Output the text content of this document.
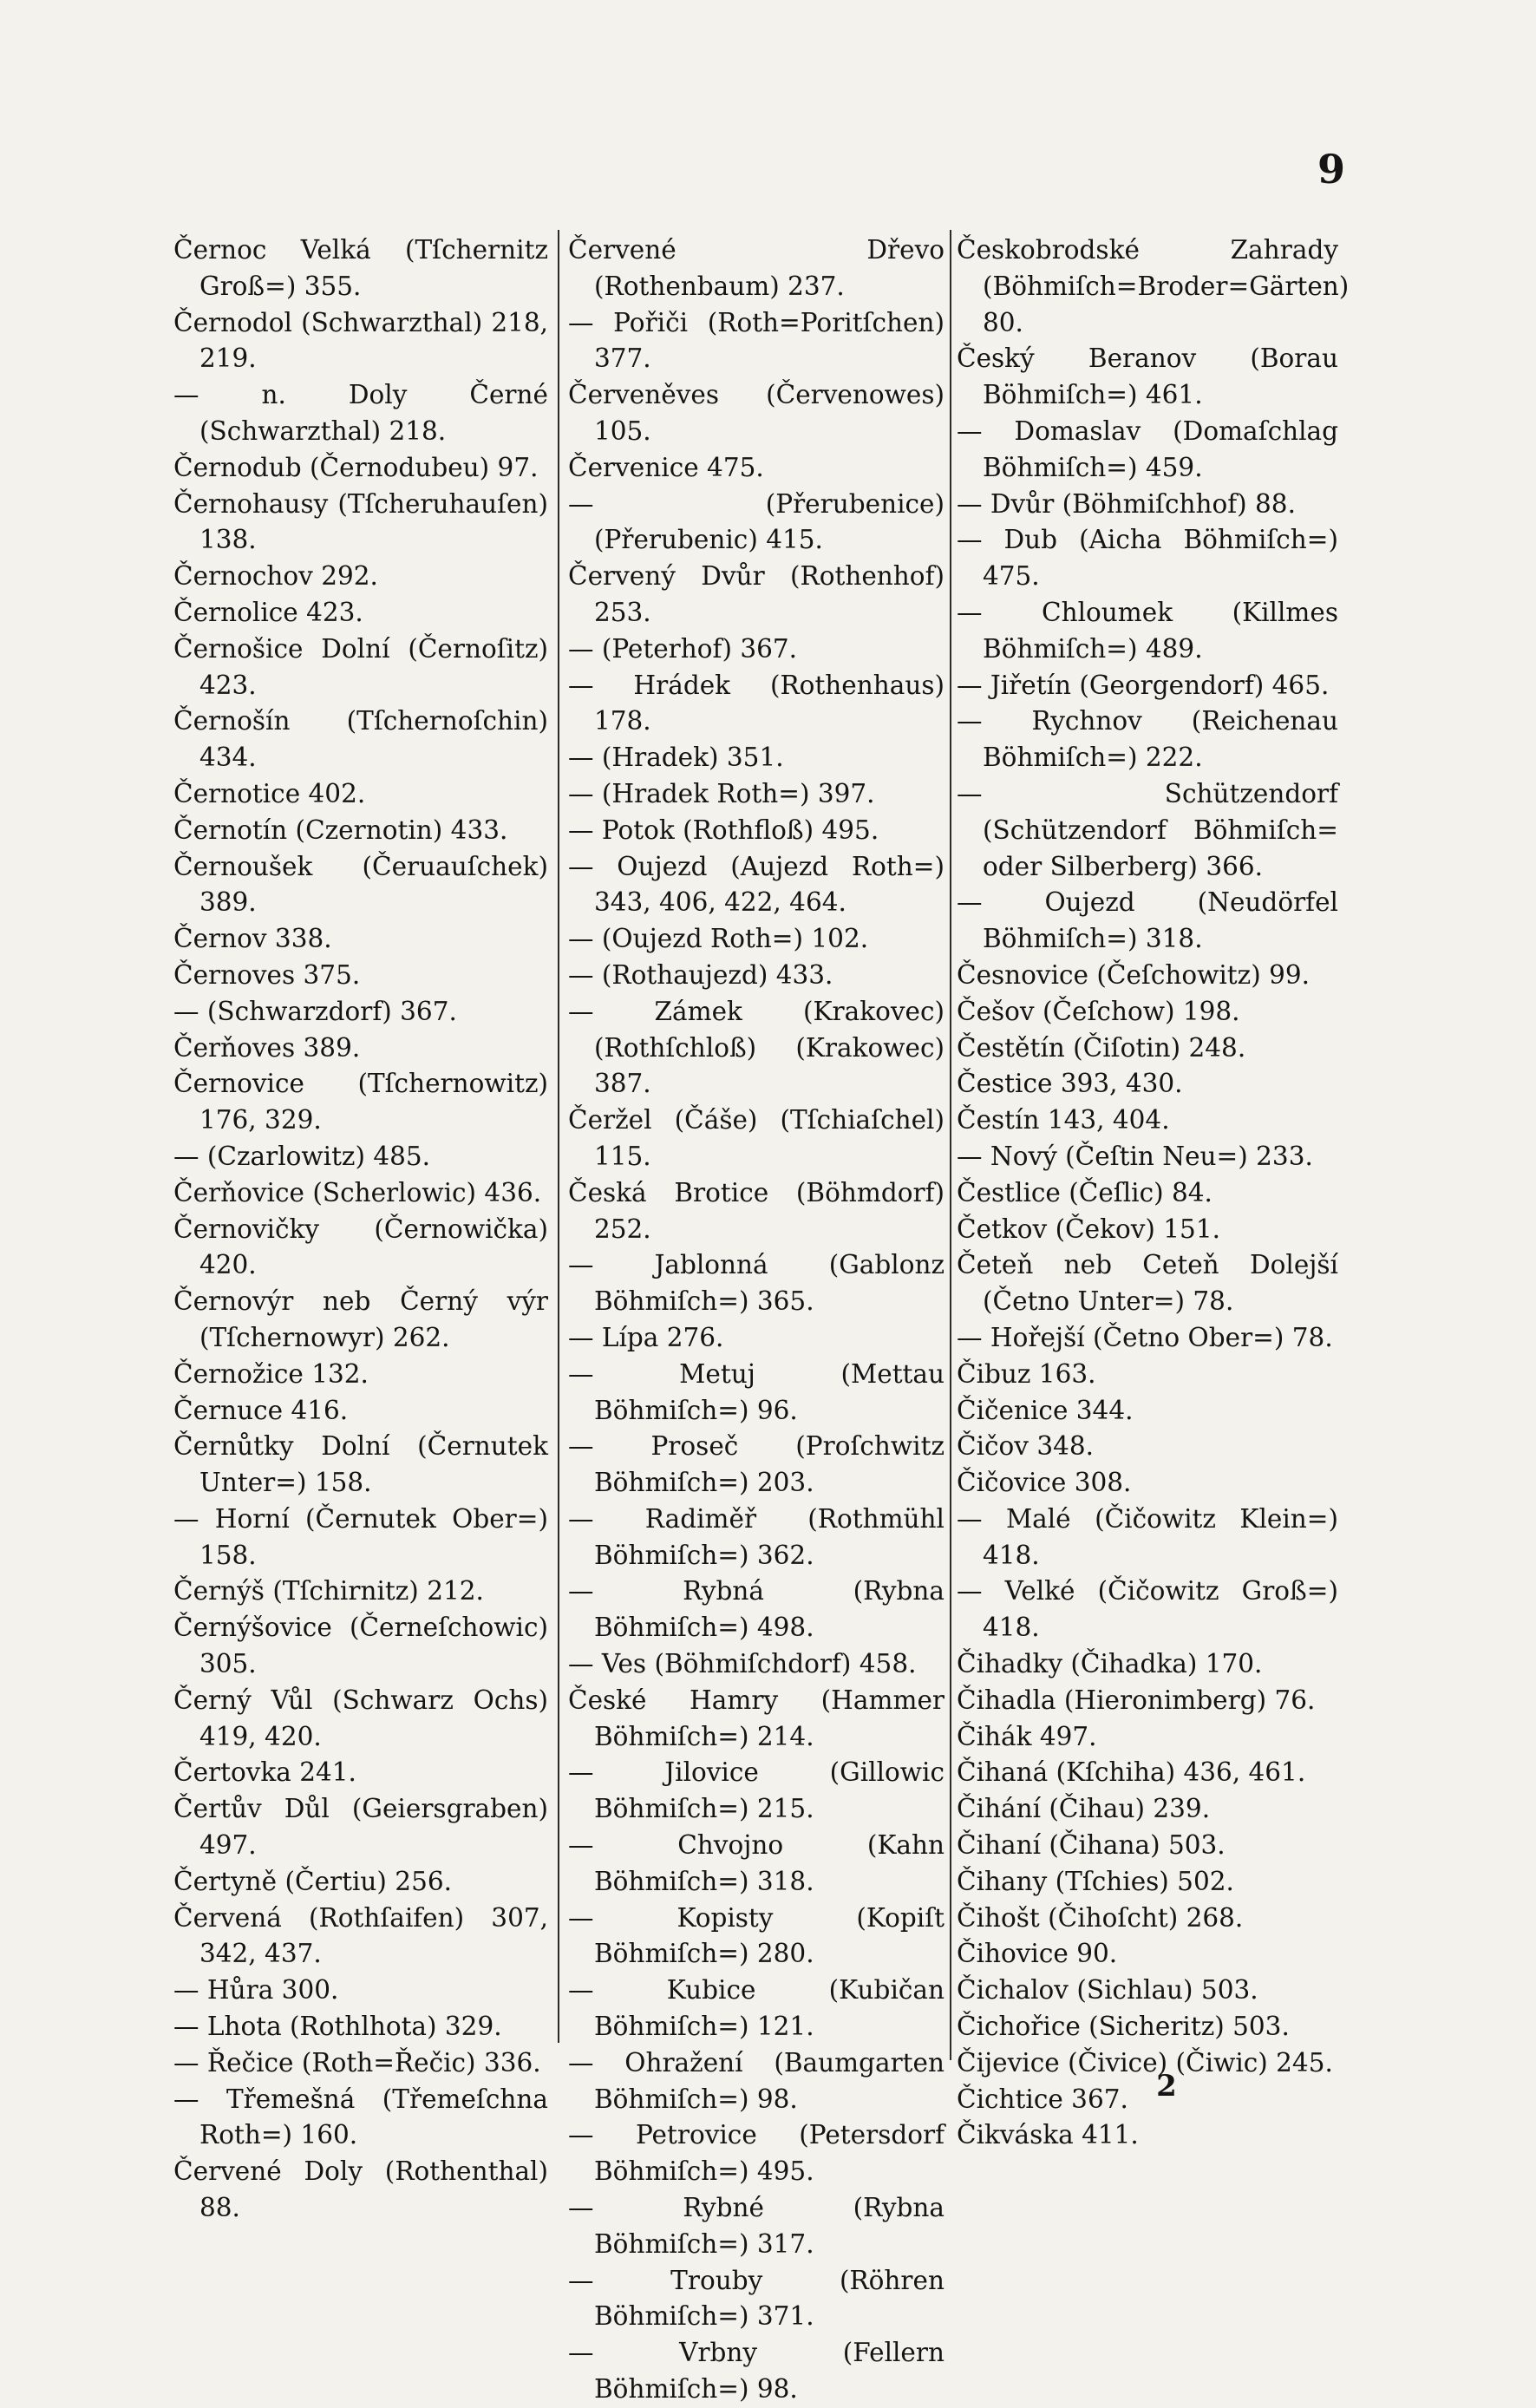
9

Černoc Velká (Tſchernitz Groß=) 355.

Černodol (Schwarzthal) 218, 219.

— n. Doly Černé (Schwarzthal) 218.

Černodub (Černodubeu) 97.

Černohausy (Tſcheruhauſen) 138.

Černochov 292.

Černolice 423.

Černošice Dolní (Černoſitz) 423.

Černošín (Tſchernoſchin) 434.

Černotice 402.

Černotín (Czernotin) 433.

Černoušek (Čeruauſchek) 389.

Černov 338.

Černoves 375.

— (Schwarzdorf) 367.

Čerňoves 389.

Černovice (Tſchernowitz) 176, 329.

— (Czarlowitz) 485.

Čerňovice (Scherlowic) 436.

Černovičky (Černowička) 420.

Černovýr neb Černý výr (Tſchernowyr) 262.

Černožice 132.

Černuce 416.

Černůtky Dolní (Černutek Unter=) 158.

— Horní (Černutek Ober=) 158.

Černýš (Tſchirnitz) 212.

Černýšovice (Černeſchowic) 305.

Černý Vůl (Schwarz Ochs) 419, 420.

Čertovka 241.

Čertův Důl (Geiersgraben) 497.

Čertyně (Čertiu) 256.

Červená (Rothſaifen) 307, 342, 437.

— Hůra 300.

— Lhota (Rothlhota) 329.

— Řečice (Roth=Řečic) 336.

— Třemešná (Třemeſchna Roth=) 160.

Červené Doly (Rothenthal) 88.

Červené Dřevo (Rothenbaum) 237.

— Pořiči (Roth=Poritſchen) 377.

Červeněves (Červenowes) 105.

Červenice 475.

— (Přerubenice) (Přerubenic) 415.

Červený Dvůr (Rothenhof) 253.

— (Peterhof) 367.

— Hrádek (Rothenhaus) 178.

— (Hradek) 351.

— (Hradek Roth=) 397.

— Potok (Rothfloß) 495.

— Oujezd (Aujezd Roth=) 343, 406, 422, 464.

— (Oujezd Roth=) 102.

— (Rothaujezd) 433.

— Zámek (Krakovec) (Rothſchloß) (Krakowec) 387.

Čeržel (Čáše) (Tſchiaſchel) 115.

Česká Brotice (Böhmdorf) 252.

— Jablonná (Gablonz Böhmiſch=) 365.

— Lípa 276.

— Metuj (Mettau Böhmiſch=) 96.

— Proseč (Proſchwitz Böhmiſch=) 203.

— Radiměř (Rothmühl Böhmiſch=) 362.

— Rybná (Rybna Böhmiſch=) 498.

— Ves (Böhmiſchdorf) 458.

České Hamry (Hammer Böhmiſch=) 214.

— Jilovice (Gillowic Böhmiſch=) 215.

— Chvojno (Kahn Böhmiſch=) 318.

— Kopisty (Kopiſt Böhmiſch=) 280.

— Kubice (Kubičan Böhmiſch=) 121.

— Ohražení (Baumgarten Böhmiſch=) 98.

— Petrovice (Petersdorf Böhmiſch=) 495.

— Rybné (Rybna Böhmiſch=) 317.

— Trouby (Röhren Böhmiſch=) 371.

— Vrbny (Fellern Böhmiſch=) 98.

Českobrodské Zahrady (Böhmiſch=Broder=Gärten) 80.

Český Beranov (Borau Böhmiſch=) 461.

— Domaslav (Domaſchlag Böhmiſch=) 459.

— Dvůr (Böhmiſchhof) 88.

— Dub (Aicha Böhmiſch=) 475.

— Chloumek (Killmes Böhmiſch=) 489.

— Jiřetín (Georgendorf) 465.

— Rychnov (Reichenau Böhmiſch=) 222.

— Schützendorf (Schützendorf Böhmiſch= oder Silberberg) 366.

— Oujezd (Neudörfel Böhmiſch=) 318.

Česnovice (Čeſchowitz) 99.

Češov (Čeſchow) 198.

Čestětín (Čiſotin) 248.

Čestice 393, 430.

Čestín 143, 404.

— Nový (Čeſtin Neu=) 233.

Čestlice (Čeſlic) 84.

Četkov (Čekov) 151.

Četeň neb Ceteň Dolejší (Četno Unter=) 78.

— Hořejší (Četno Ober=) 78.

Čibuz 163.

Čičenice 344.

Čičov 348.

Čičovice 308.

— Malé (Čičowitz Klein=) 418.

— Velké (Čičowitz Groß=) 418.

Čihadky (Čihadka) 170.

Čihadla (Hieronimberg) 76.

Čihák 497.

Čihaná (Kſchiha) 436, 461.

Čihání (Čihau) 239.

Čihaní (Čihana) 503.

Čihany (Tſchies) 502.

Čihošt (Čihoſcht) 268.

Čihovice 90.

Čichalov (Sichlau) 503.

Čichořice (Sicheritz) 503.

Čijevice (Čivice) (Čiwic) 245.

Čichtice 367.

Čikváska 411.

2
